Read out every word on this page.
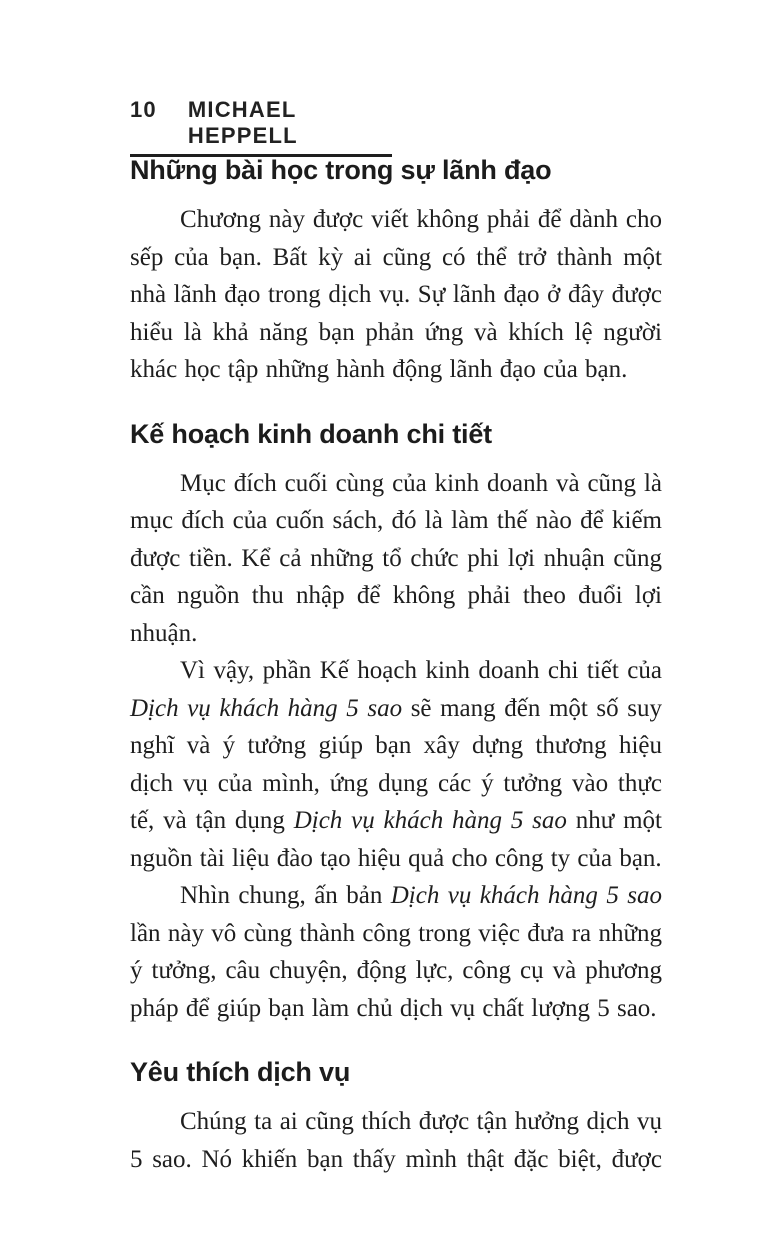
10 MICHAEL HEPPELL
Những bài học trong sự lãnh đạo

Chương này được viết không phải để dành cho sếp của bạn. Bất kỳ ai cũng có thể trở thành một nhà lãnh đạo trong dịch vụ. Sự lãnh đạo ở đây được hiểu là khả năng bạn phản ứng và khích lệ người khác học tập những hành động lãnh đạo của bạn.

Kế hoạch kinh doanh chi tiết

Mục đích cuối cùng của kinh doanh và cũng là mục đích của cuốn sách, đó là làm thế nào để kiếm được tiền. Kể cả những tổ chức phi lợi nhuận cũng cần nguồn thu nhập để không phải theo đuổi lợi nhuận.

Vì vậy, phần Kế hoạch kinh doanh chi tiết của Dịch vụ khách hàng 5 sao sẽ mang đến một số suy nghĩ và ý tưởng giúp bạn xây dựng thương hiệu dịch vụ của mình, ứng dụng các ý tưởng vào thực tế, và tận dụng Dịch vụ khách hàng 5 sao như một nguồn tài liệu đào tạo hiệu quả cho công ty của bạn.

Nhìn chung, ấn bản Dịch vụ khách hàng 5 sao lần này vô cùng thành công trong việc đưa ra những ý tưởng, câu chuyện, động lực, công cụ và phương pháp để giúp bạn làm chủ dịch vụ chất lượng 5 sao.

Yêu thích dịch vụ

Chúng ta ai cũng thích được tận hưởng dịch vụ 5 sao. Nó khiến bạn thấy mình thật đặc biệt, được
